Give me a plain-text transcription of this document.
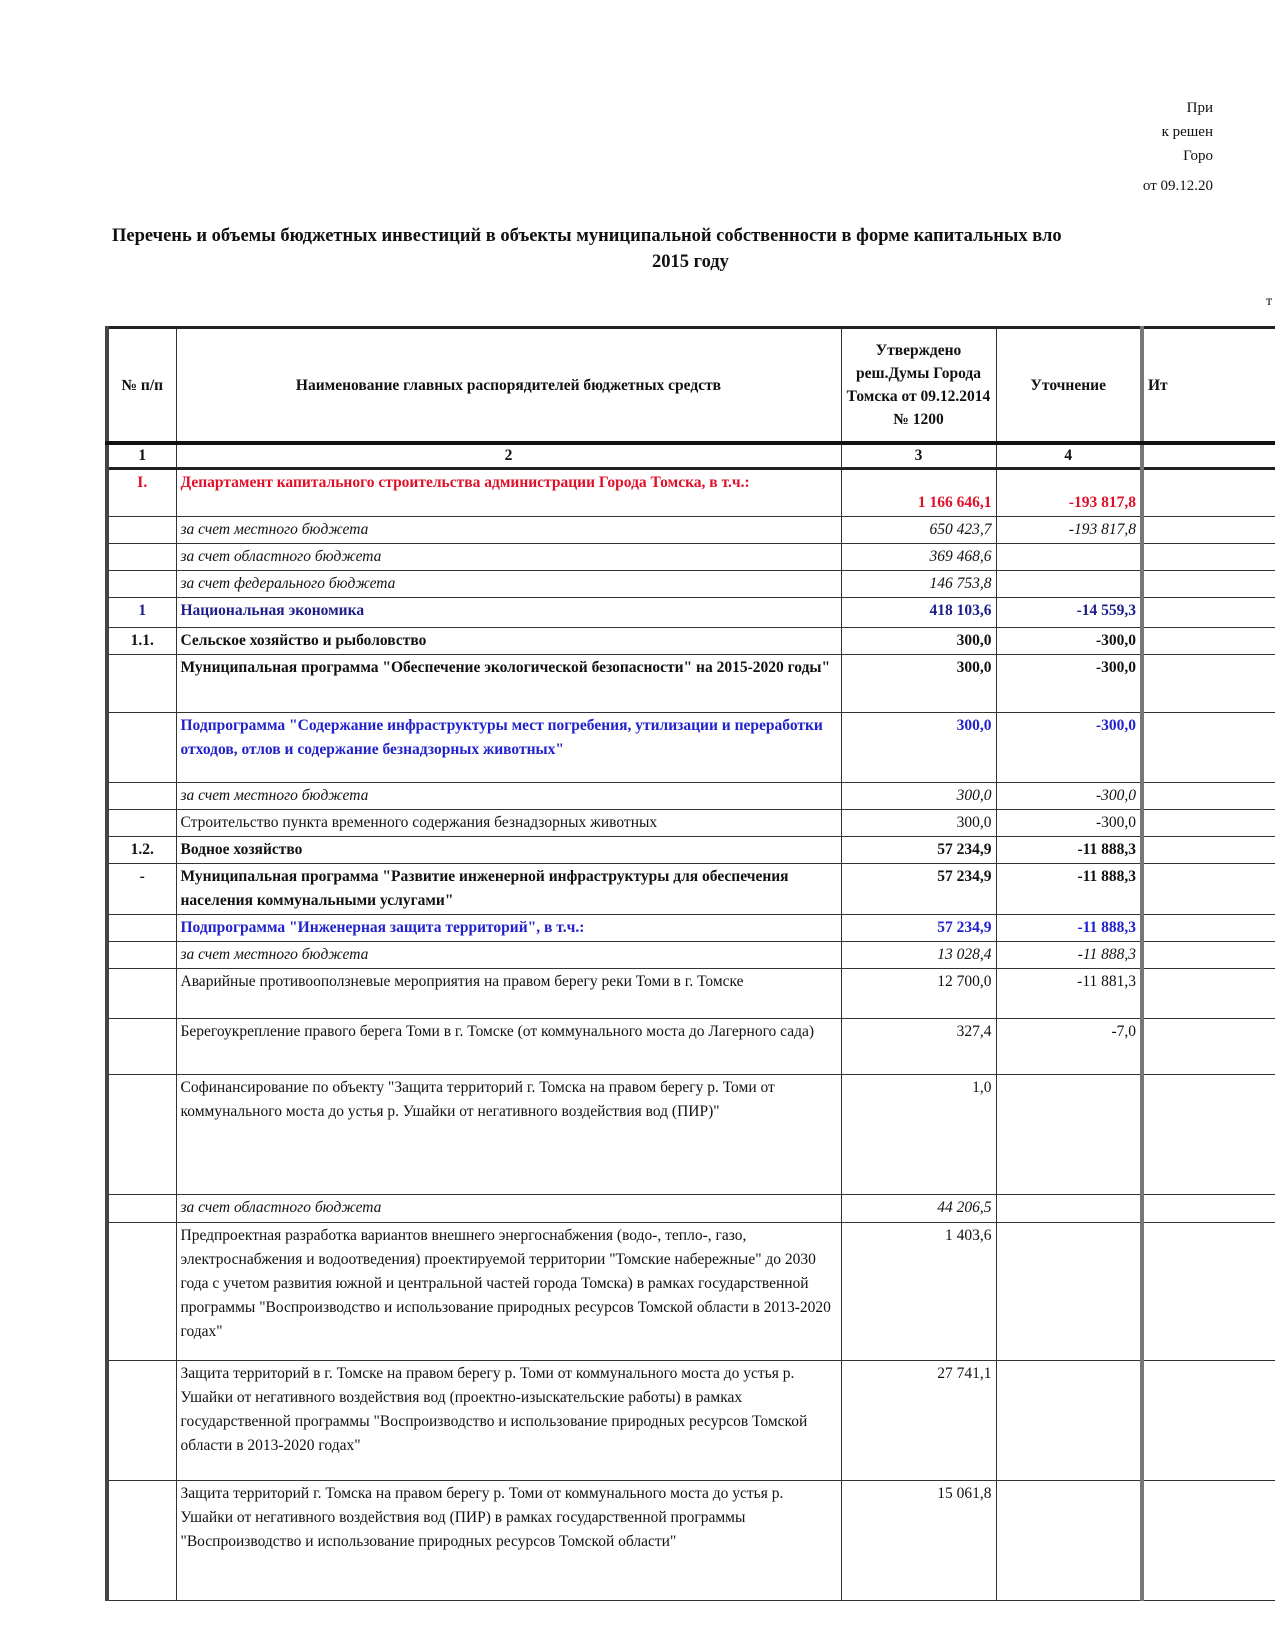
При
к решен
Горо
от 09.12.20
Перечень и объемы бюджетных инвестиций в объекты муниципальной собственности в форме капитальных вло
2015 году
т
№ п/п	Наименование главных распорядителей бюджетных средств	Утверждено реш.Думы Города Томска от 09.12.2014 № 1200	Уточнение	Ит
1	2	3	4	
I.	Департамент капитального строительства администрации Города Томска, в т.ч.:	1 166 646,1	-193 817,8	
	за счет местного бюджета	650 423,7	-193 817,8	
	за счет областного бюджета	369 468,6		
	за счет федерального бюджета	146 753,8		
1	Национальная экономика	418 103,6	-14 559,3	
1.1.	Сельское хозяйство и рыболовство	300,0	-300,0	
	Муниципальная программа "Обеспечение экологической безопасности" на 2015-2020 годы"	300,0	-300,0	
	Подпрограмма "Содержание инфраструктуры мест погребения, утилизации и переработки отходов, отлов и содержание безнадзорных животных"	300,0	-300,0	
	за счет местного бюджета	300,0	-300,0	
	Строительство пункта временного содержания безнадзорных животных	300,0	-300,0	
1.2.	Водное хозяйство	57 234,9	-11 888,3	
-	Муниципальная программа "Развитие инженерной инфраструктуры для обеспечения населения коммунальными услугами"	57 234,9	-11 888,3	
	Подпрограмма "Инженерная защита территорий", в т.ч.:	57 234,9	-11 888,3	
	за счет местного бюджета	13 028,4	-11 888,3	
	Аварийные противооползневые мероприятия на правом берегу реки Томи в г. Томске	12 700,0	-11 881,3	
	Берегоукрепление правого берега Томи в г. Томске (от коммунального моста до Лагерного сада)	327,4	-7,0	
	Софинансирование по объекту "Защита территорий г. Томска на правом берегу р. Томи от коммунального моста до устья р. Ушайки от негативного воздействия вод (ПИР)"	1,0		
	за счет областного бюджета	44 206,5		
	Предпроектная разработка вариантов внешнего энергоснабжения (водо-, тепло-, газо, электроснабжения и водоотведения) проектируемой территории "Томские набережные" до 2030 года с учетом развития южной и центральной частей города Томска) в рамках государственной программы "Воспроизводство и использование природных ресурсов Томской области в 2013-2020 годах"	1 403,6		
	Защита территорий в г. Томске на правом берегу р. Томи от коммунального моста до устья р. Ушайки от негативного воздействия вод (проектно-изыскательские работы) в рамках государственной программы "Воспроизводство и использование природных ресурсов Томской области в 2013-2020 годах"	27 741,1		
	Защита территорий г. Томска на правом берегу р. Томи от коммунального моста до устья р. Ушайки от негативного воздействия вод (ПИР) в рамках государственной программы "Воспроизводство и использование природных ресурсов Томской области"	15 061,8		
